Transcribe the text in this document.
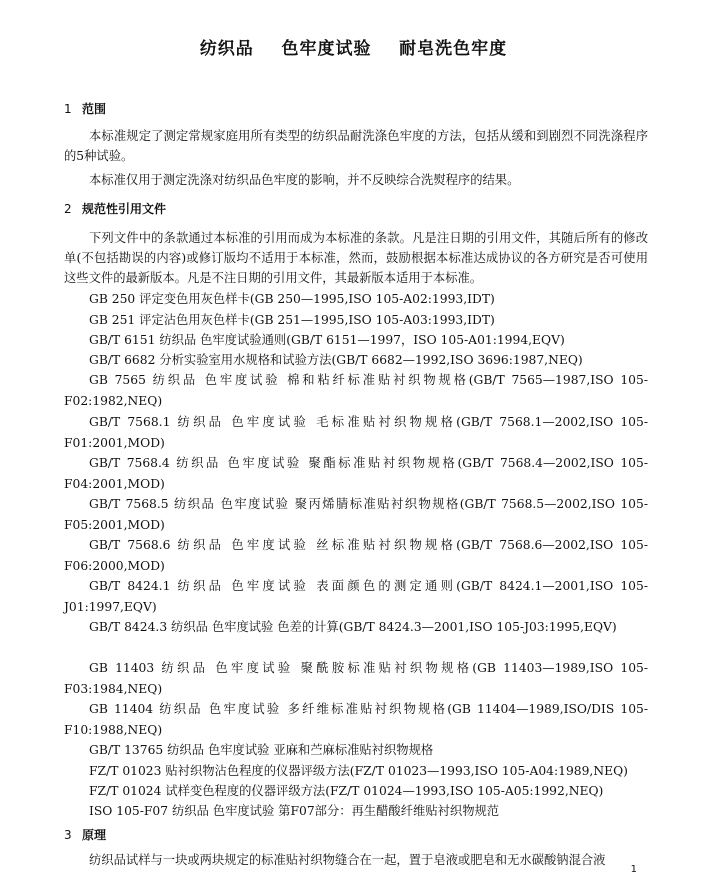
纺织品    色牢度试验    耐皂洗色牢度
1 范围
本标准规定了测定常规家庭用所有类型的纺织品耐洗涤色牢度的方法，包括从缓和到剧烈不同洗涤程序的5种试验。
本标准仅用于测定洗涤对纺织品色牢度的影响，并不反映综合洗熨程序的结果。
2 规范性引用文件
下列文件中的条款通过本标准的引用而成为本标准的条款。凡是注日期的引用文件，其随后所有的修改单(不包括勘误的内容)或修订版均不适用于本标准，然而，鼓励根据本标准达成协议的各方研究是否可使用这些文件的最新版本。凡是不注日期的引用文件，其最新版本适用于本标准。
GB 250 评定变色用灰色样卡(GB 250—1995,ISO 105-A02:1993,IDT)
GB 251 评定沾色用灰色样卡(GB 251—1995,ISO 105-A03:1993,IDT)
GB/T 6151 纺织品 色牢度试验通则(GB/T 6151—1997，ISO 105-A01:1994,EQV)
GB/T 6682 分析实验室用水规格和试验方法(GB/T 6682—1992,ISO 3696:1987,NEQ)
GB 7565 纺织品 色牢度试验 棉和粘纤标准贴衬织物规格(GB/T 7565—1987,ISO 105-F02:1982,NEQ)
GB/T 7568.1 纺织品 色牢度试验 毛标准贴衬织物规格(GB/T 7568.1—2002,ISO 105-F01:2001,MOD)
GB/T 7568.4 纺织品 色牢度试验 聚酯标准贴衬织物规格(GB/T 7568.4—2002,ISO 105-F04:2001,MOD)
GB/T 7568.5 纺织品 色牢度试验 聚丙烯腈标准贴衬织物规格(GB/T 7568.5—2002,ISO 105-F05:2001,MOD)
GB/T 7568.6 纺织品 色牢度试验 丝标准贴衬织物规格(GB/T 7568.6—2002,ISO 105-F06:2000,MOD)
GB/T 8424.1 纺织品 色牢度试验 表面颜色的测定通则(GB/T 8424.1—2001,ISO 105-J01:1997,EQV)
GB/T 8424.3 纺织品 色牢度试验 色差的计算(GB/T 8424.3—2001,ISO 105-J03:1995,EQV)
GB 11403 纺织品 色牢度试验 聚酰胺标准贴衬织物规格(GB 11403—1989,ISO 105-F03:1984,NEQ)
GB 11404 纺织品 色牢度试验 多纤维标准贴衬织物规格(GB 11404—1989,ISO/DIS 105-F10:1988,NEQ)
GB/T 13765 纺织品 色牢度试验 亚麻和苎麻标准贴衬织物规格
FZ/T 01023 贴衬织物沾色程度的仪器评级方法(FZ/T 01023—1993,ISO 105-A04:1989,NEQ)
FZ/T 01024 试样变色程度的仪器评级方法(FZ/T 01024—1993,ISO 105-A05:1992,NEQ)
ISO 105-F07 纺织品 色牢度试验 第F07部分：再生醋酸纤维贴衬织物规范
3 原理
纺织品试样与一块或两块规定的标准贴衬织物缝合在一起，置于皂液或肥皂和无水碳酸钠混合液
1
